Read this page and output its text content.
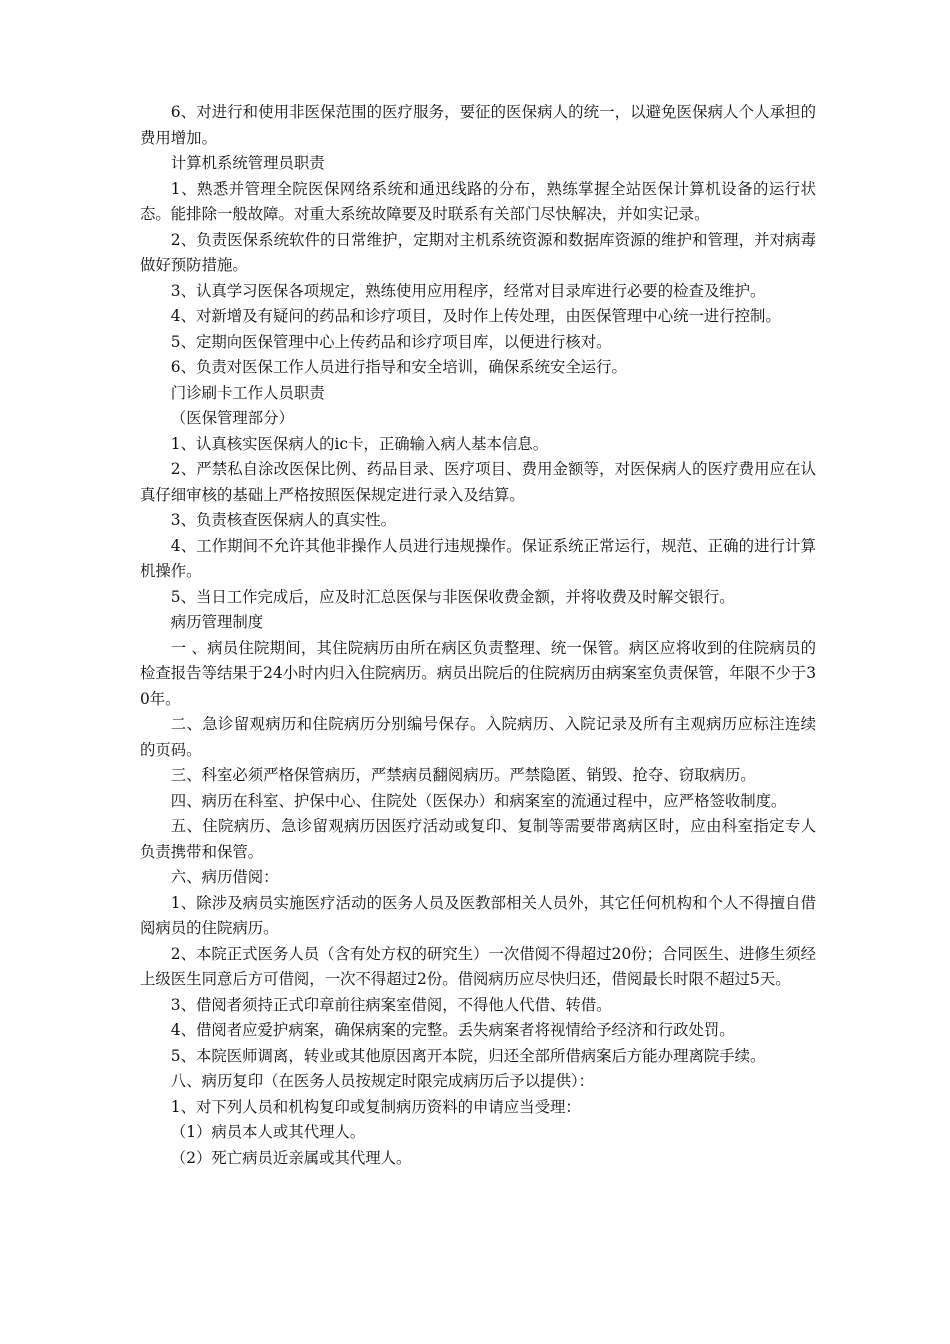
6、对进行和使用非医保范围的医疗服务，要征的医保病人的统一，以避免医保病人个人承担的费用增加。

计算机系统管理员职责

1、熟悉并管理全院医保网络系统和通迅线路的分布，熟练掌握全站医保计算机设备的运行状态。能排除一般故障。对重大系统故障要及时联系有关部门尽快解决，并如实记录。

2、负责医保系统软件的日常维护，定期对主机系统资源和数据库资源的维护和管理，并对病毒做好预防措施。

3、认真学习医保各项规定，熟练使用应用程序，经常对目录库进行必要的检查及维护。

4、对新增及有疑问的药品和诊疗项目，及时作上传处理，由医保管理中心统一进行控制。

5、定期向医保管理中心上传药品和诊疗项目库，以便进行核对。

6、负责对医保工作人员进行指导和安全培训，确保系统安全运行。

门诊刷卡工作人员职责

（医保管理部分）

1、认真核实医保病人的ic卡，正确输入病人基本信息。

2、严禁私自涂改医保比例、药品目录、医疗项目、费用金额等，对医保病人的医疗费用应在认真仔细审核的基础上严格按照医保规定进行录入及结算。

3、负责核查医保病人的真实性。

4、工作期间不允许其他非操作人员进行违规操作。保证系统正常运行，规范、正确的进行计算机操作。

5、当日工作完成后，应及时汇总医保与非医保收费金额，并将收费及时解交银行。

病历管理制度

一 、病员住院期间，其住院病历由所在病区负责整理、统一保管。病区应将收到的住院病员的检查报告等结果于24小时内归入住院病历。病员出院后的住院病历由病案室负责保管，年限不少于30年。

二、急诊留观病历和住院病历分别编号保存。入院病历、入院记录及所有主观病历应标注连续的页码。

三、科室必须严格保管病历，严禁病员翻阅病历。严禁隐匿、销毁、抢夺、窃取病历。

四、病历在科室、护保中心、住院处（医保办）和病案室的流通过程中，应严格签收制度。

五、住院病历、急诊留观病历因医疗活动或复印、复制等需要带离病区时，应由科室指定专人负责携带和保管。

六、病历借阅：

1、除涉及病员实施医疗活动的医务人员及医教部相关人员外，其它任何机构和个人不得擅自借阅病员的住院病历。

2、本院正式医务人员（含有处方权的研究生）一次借阅不得超过20份；合同医生、进修生须经上级医生同意后方可借阅，一次不得超过2份。借阅病历应尽快归还，借阅最长时限不超过5天。

3、借阅者须持正式印章前往病案室借阅，不得他人代借、转借。

4、借阅者应爱护病案，确保病案的完整。丢失病案者将视情给予经济和行政处罚。

5、本院医师调离，转业或其他原因离开本院，归还全部所借病案后方能办理离院手续。

八、病历复印（在医务人员按规定时限完成病历后予以提供）：

1、对下列人员和机构复印或复制病历资料的申请应当受理：

（1）病员本人或其代理人。

（2）死亡病员近亲属或其代理人。
